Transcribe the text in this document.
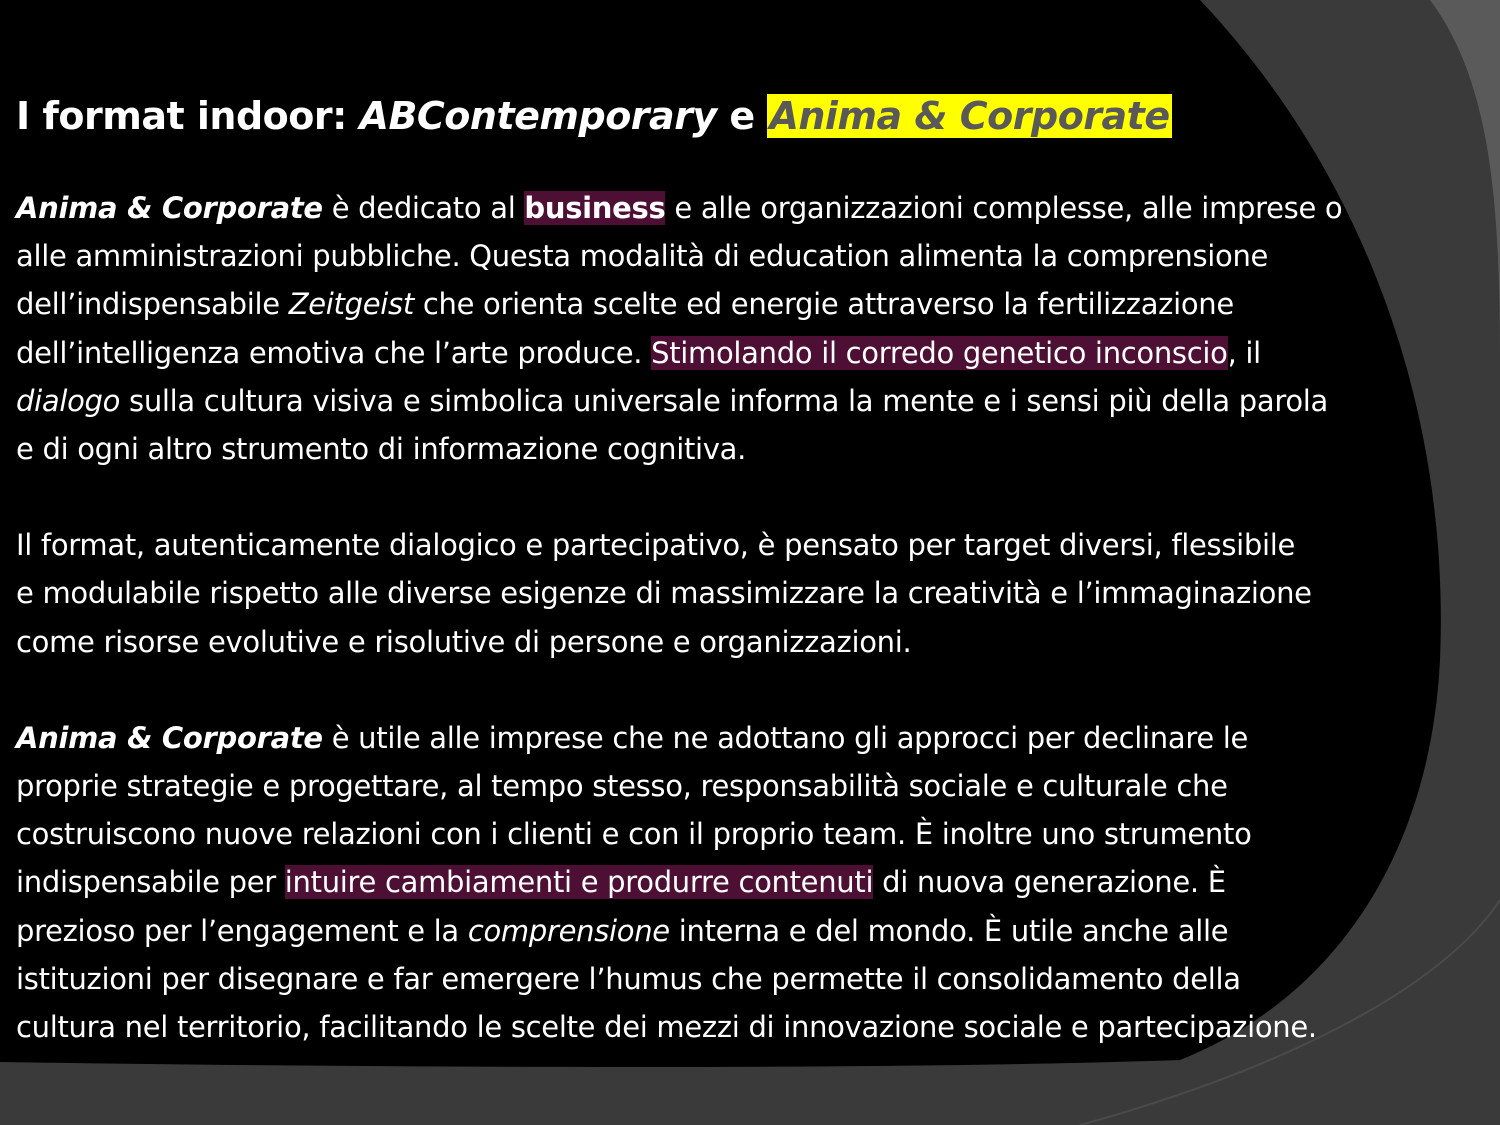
I format indoor: ABContemporary e Anima & Corporate

Anima & Corporate è dedicato al business e alle organizzazioni complesse, alle imprese o
alle amministrazioni pubbliche. Questa modalità di education alimenta la comprensione
dell’indispensabile Zeitgeist che orienta scelte ed energie attraverso la fertilizzazione
dell’intelligenza emotiva che l’arte produce. Stimolando il corredo genetico inconscio, il
dialogo sulla cultura visiva e simbolica universale informa la mente e i sensi più della parola
e di ogni altro strumento di informazione cognitiva.

Il format, autenticamente dialogico e partecipativo, è pensato per target diversi, flessibile
e modulabile rispetto alle diverse esigenze di massimizzare la creatività e l’immaginazione
come risorse evolutive e risolutive di persone e organizzazioni.

Anima & Corporate è utile alle imprese che ne adottano gli approcci per declinare le
proprie strategie e progettare, al tempo stesso, responsabilità sociale e culturale che
costruiscono nuove relazioni con i clienti e con il proprio team. È inoltre uno strumento
indispensabile per intuire cambiamenti e produrre contenuti di nuova generazione. È
prezioso per l’engagement e la comprensione interna e del mondo. È utile anche alle
istituzioni per disegnare e far emergere l’humus che permette il consolidamento della
cultura nel territorio, facilitando le scelte dei mezzi di innovazione sociale e partecipazione.
